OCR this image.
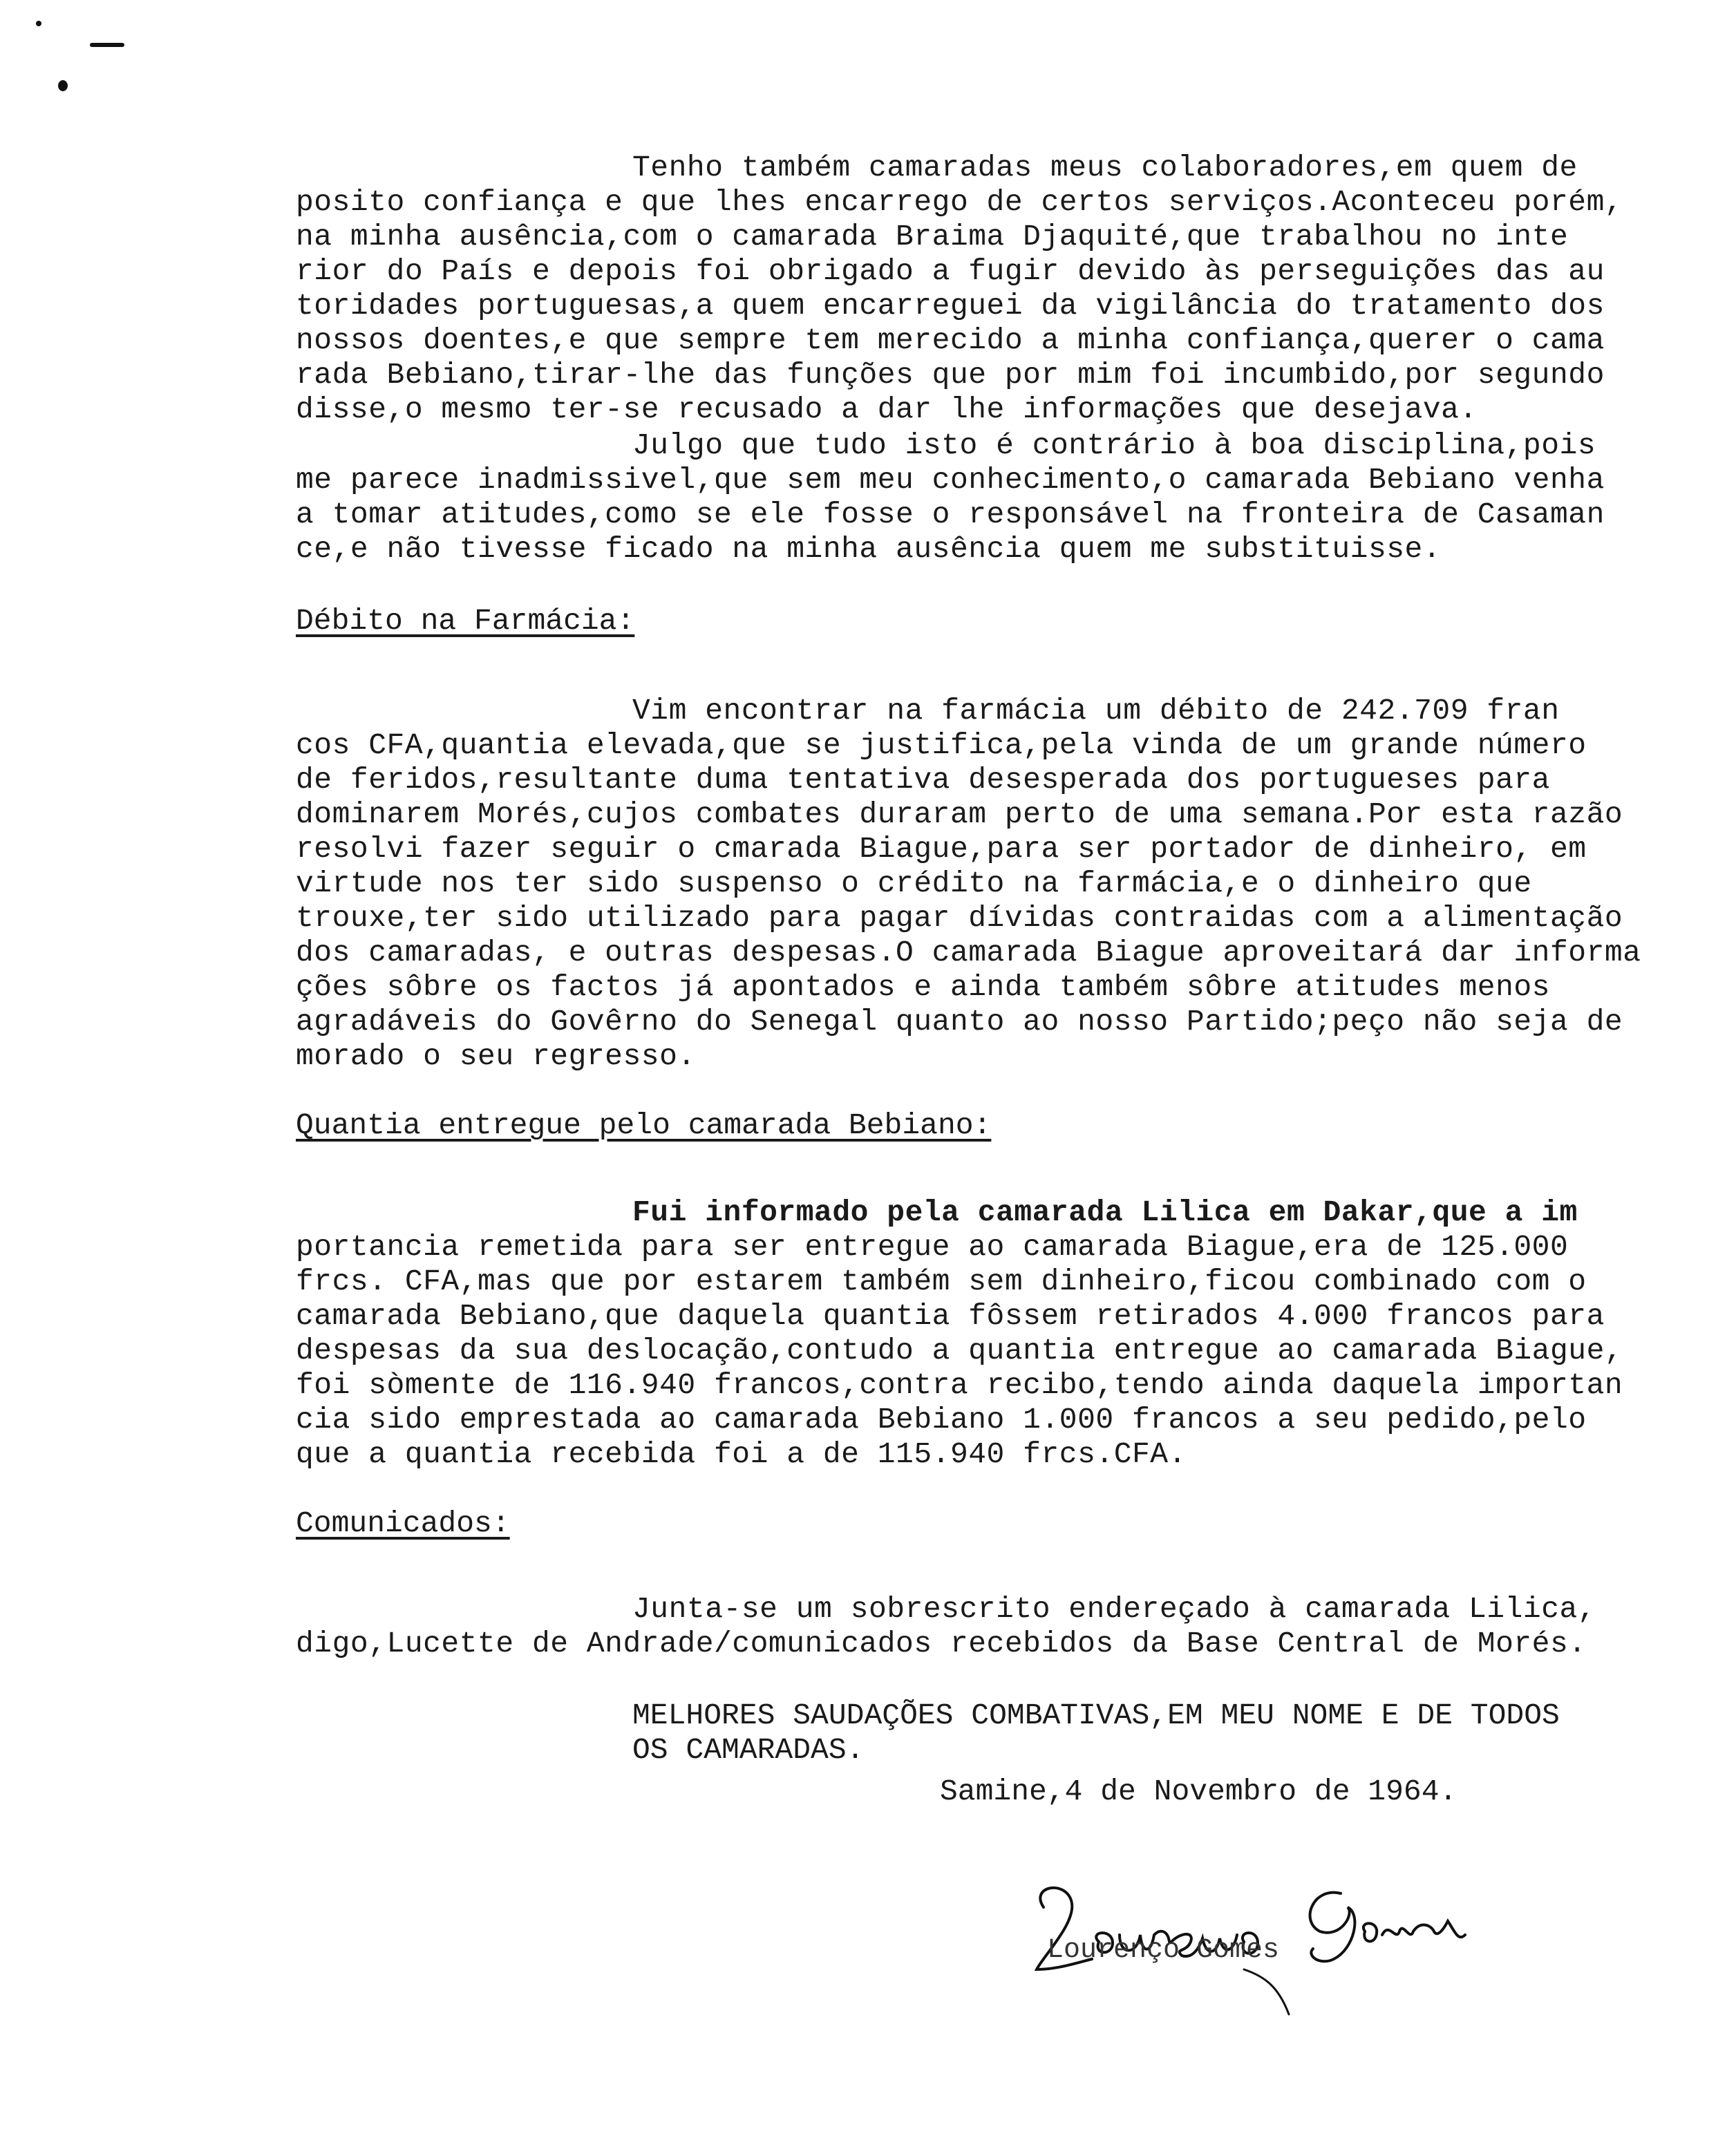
Tenho também camaradas meus colaboradores,em quem de
posito confiança e que lhes encarrego de certos serviços.Aconteceu porém,
na minha ausência,com o camarada Braima Djaquité,que trabalhou no inte
rior do País e depois foi obrigado a fugir devido às perseguições das au
toridades portuguesas,a quem encarreguei da vigilância do tratamento dos
nossos doentes,e que sempre tem merecido a minha confiança,querer o cama
rada Bebiano,tirar-lhe das funções que por mim foi incumbido,por segundo
disse,o mesmo ter-se recusado a dar lhe informações que desejava.
Julgo que tudo isto é contrário à boa disciplina,pois
me parece inadmissivel,que sem meu conhecimento,o camarada Bebiano venha
a tomar atitudes,como se ele fosse o responsável na fronteira de Casaman
ce,e não tivesse ficado na minha ausência quem me substituisse.
Débito na Farmácia:
Vim encontrar na farmácia um débito de 242.709 fran
cos CFA,quantia elevada,que se justifica,pela vinda de um grande número
de feridos,resultante duma tentativa desesperada dos portugueses para
dominarem Morés,cujos combates duraram perto de uma semana.Por esta razão
resolvi fazer seguir o cmarada Biague,para ser portador de dinheiro, em
virtude nos ter sido suspenso o crédito na farmácia,e o dinheiro que
trouxe,ter sido utilizado para pagar dívidas contraidas com a alimentação
dos camaradas, e outras despesas.O camarada Biague aproveitará dar informa
ções sôbre os factos já apontados e ainda também sôbre atitudes menos
agradáveis do Govêrno do Senegal quanto ao nosso Partido;peço não seja de
morado o seu regresso.
Quantia entregue pelo camarada Bebiano:
Fui informado pela camarada Lilica em Dakar,que a im
portancia remetida para ser entregue ao camarada Biague,era de 125.000
frcs. CFA,mas que por estarem também sem dinheiro,ficou combinado com o
camarada Bebiano,que daquela quantia fôssem retirados 4.000 francos para
despesas da sua deslocação,contudo a quantia entregue ao camarada Biague,
foi sòmente de 116.940 francos,contra recibo,tendo ainda daquela importan
cia sido emprestada ao camarada Bebiano 1.000 francos a seu pedido,pelo
que a quantia recebida foi a de 115.940 frcs.CFA.
Comunicados:
Junta-se um sobrescrito endereçado à camarada Lilica,
digo,Lucette de Andrade/comunicados recebidos da Base Central de Morés.
MELHORES SAUDAÇÕES COMBATIVAS,EM MEU NOME E DE TODOS
OS CAMARADAS.
Samine,4 de Novembro de 1964.
Lourenço Gomes
